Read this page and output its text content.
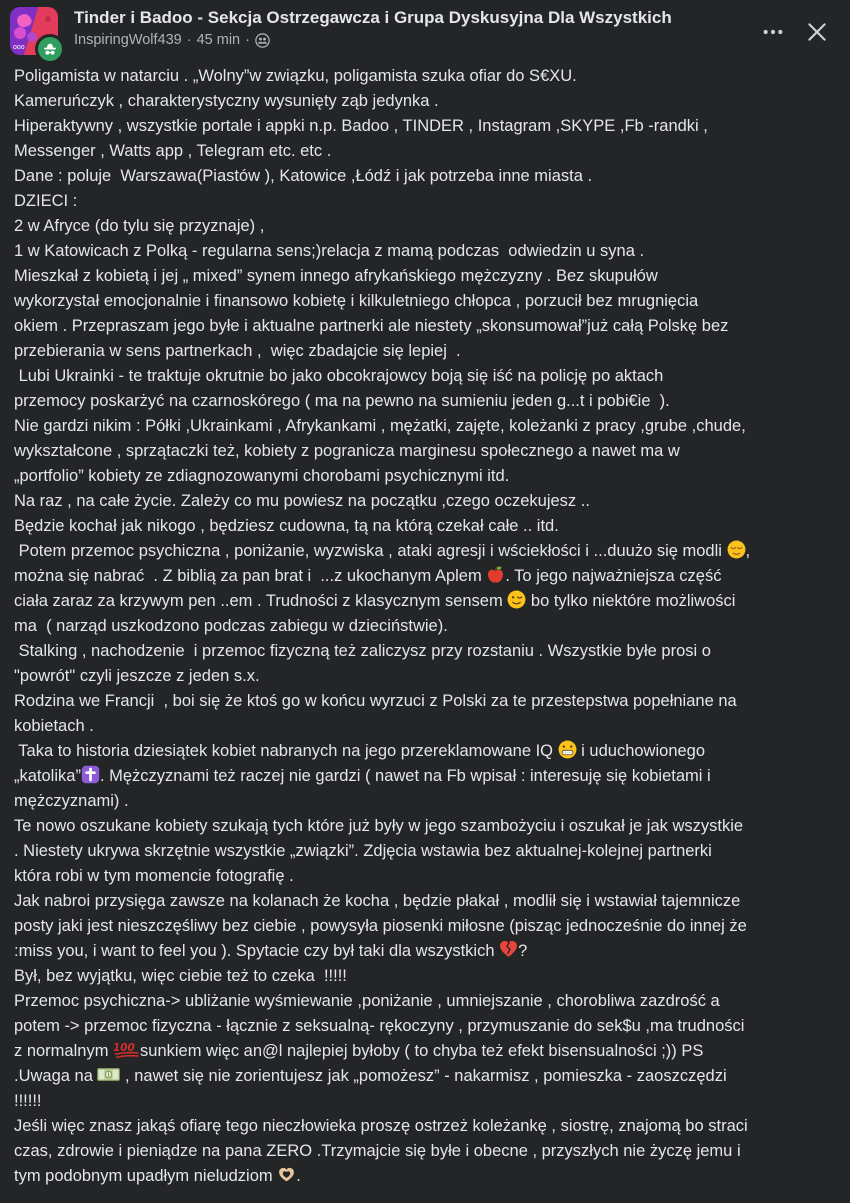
ooo
Tinder i Badoo - Sekcja Ostrzegawcza i Grupa Dyskusyjna Dla Wszystkich
InspiringWolf439 · 45 min ·
Poligamista w natarciu . „Wolny”w związku, poligamista szuka ofiar do S€XU.
Kameruńczyk , charakterystyczny wysunięty ząb jedynka .
Hiperaktywny , wszystkie portale i appki n.p. Badoo , TINDER , Instagram ,SKYPE ,Fb -randki ,
Messenger , Watts app , Telegram etc. etc .
Dane : poluje  Warszawa(Piastów ), Katowice ,Łódź i jak potrzeba inne miasta .
DZIECI :
2 w Afryce (do tylu się przyznaje) ,
1 w Katowicach z Polką - regularna sens;)relacja z mamą podczas  odwiedzin u syna .
Mieszkał z kobietą i jej „ mixed” synem innego afrykańskiego mężczyzny . Bez skupułów
wykorzystał emocjonalnie i finansowo kobietę i kilkuletniego chłopca , porzucił bez mrugnięcia
okiem . Przepraszam jego byłe i aktualne partnerki ale niestety „skonsumował”już całą Polskę bez
przebierania w sens partnerkach ,  więc zbadajcie się lepiej  .
Lubi Ukrainki - te traktuje okrutnie bo jako obcokrajowcy boją się iść na policję po aktach
przemocy poskarżyć na czarnoskórego ( ma na pewno na sumieniu jeden g...t i pobi€ie  ).
Nie gardzi nikim : Półki ,Ukrainkami , Afrykankami , mężatki, zajęte, koleżanki z pracy ,grube ,chude,
wykształcone , sprzątaczki też, kobiety z pogranicza marginesu społecznego a nawet ma w
„portfolio” kobiety ze zdiagnozowanymi chorobami psychicznymi itd.
Na raz , na całe życie. Zależy co mu powiesz na początku ,czego oczekujesz ..
Będzie kochał jak nikogo , będziesz cudowna, tą na którą czekał całe .. itd.
Potem przemoc psychiczna , poniżanie, wyzwiska , ataki agresji i wściekłości i ...duużo się modli
,
można się nabrać  . Z biblią za pan brat i  ...z ukochanym Aplem
. To jego najważniejsza część
ciała zaraz za krzywym pen ..em . Trudności z klasycznym sensem
bo tylko niektóre możliwości
ma  ( narząd uszkodzono podczas zabiegu w dzieciństwie).
Stalking , nachodzenie  i przemoc fizyczną też zaliczysz przy rozstaniu . Wszystkie byłe prosi o
"powrót" czyli jeszcze z jeden s.x.
Rodzina we Francji  , boi się że ktoś go w końcu wyrzuci z Polski za te przestepstwa popełniane na
kobietach .
Taka to historia dziesiątek kobiet nabranych na jego przereklamowane IQ
i uduchowionego
„katolika” . Mężczyznami też raczej nie gardzi ( nawet na Fb wpisał : interesuję się kobietami i
mężczyznami) .
Te nowo oszukane kobiety szukają tych które już były w jego szambożyciu i oszukał je jak wszystkie
. Niestety ukrywa skrzętnie wszystkie „związki”. Zdjęcia wstawia bez aktualnej-kolejnej partnerki
która robi w tym momencie fotografię .
Jak nabroi przysięga zawsze na kolanach że kocha , będzie płakał , modlił się i wstawiał tajemnicze
posty jaki jest nieszczęśliwy bez ciebie , powysyła piosenki miłosne (pisząc jednocześnie do innej że
:miss you, i want to feel you ). Spytacie czy był taki dla wszystkich
?
Był, bez wyjątku, więc ciebie też to czeka  !!!!!
Przemoc psychiczna-> ubliżanie wyśmiewanie ,poniżanie , umniejszanie , chorobliwa zazdrość a
potem -> przemoc fizyczna - łącznie z seksualną- rękoczyny , przymuszanie do sek$u ,ma trudności
z normalnym 100 sunkiem więc an@l najlepiej byłoby ( to chyba też efekt bisensualności ;)) PS
.Uwaga na
, nawet się nie zorientujesz jak „pomożesz” - nakarmisz , pomieszka - zaoszczędzi
!!!!!!
Jeśli więc znasz jakąś ofiarę tego nieczłowieka proszę ostrzeż koleżankę , siostrę, znajomą bo straci
czas, zdrowie i pieniądze na pana ZERO .Trzymajcie się byłe i obecne , przyszłych nie życzę jemu i
tym podobnym upadłym nieludziom
.
